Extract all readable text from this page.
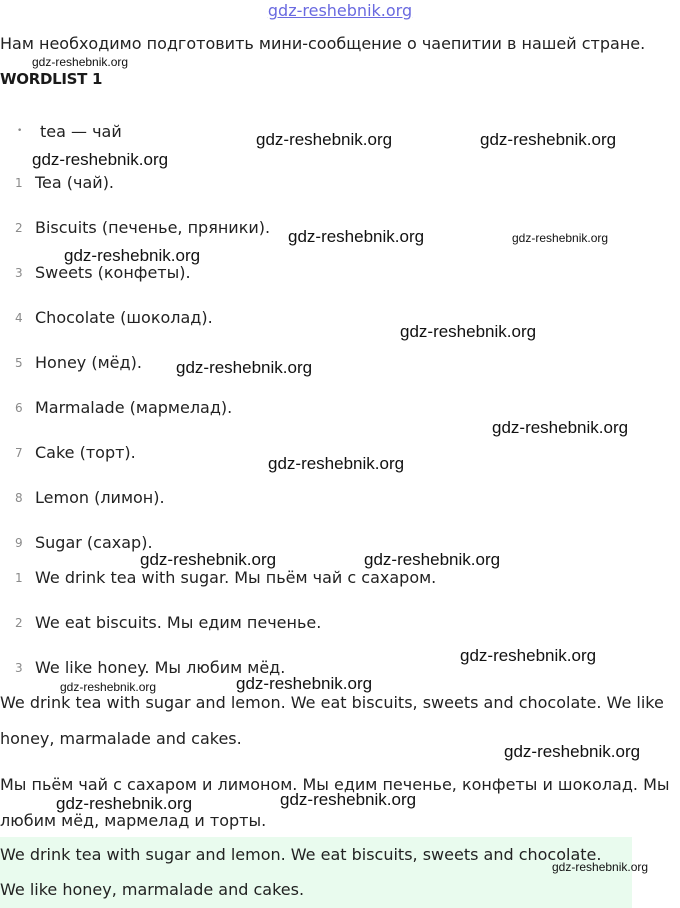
gdz-reshebnik.org
Нам необходимо подготовить мини-сообщение о чаепитии в нашей стране.
WORDLIST 1
• tea — чай
1 Tea (чай).
2 Biscuits (печенье, пряники).
3 Sweets (конфеты).
4 Chocolate (шоколад).
5 Honey (мёд).
6 Marmalade (мармелад).
7 Cake (торт).
8 Lemon (лимон).
9 Sugar (сахар).
1 We drink tea with sugar. Мы пьём чай с сахаром.
2 We eat biscuits. Мы едим печенье.
3 We like honey. Мы любим мёд.
We drink tea with sugar and lemon. We eat biscuits, sweets and chocolate. We like
honey, marmalade and cakes.
Мы пьём чай с сахаром и лимоном. Мы едим печенье, конфеты и шоколад. Мы
любим мёд, мармелад и торты.
We drink tea with sugar and lemon. We eat biscuits, sweets and chocolate.
We like honey, marmalade and cakes.
gdz-reshebnik.org
gdz-reshebnik.org	gdz-reshebnik.org
gdz-reshebnik.org
gdz-reshebnik.org	gdz-reshebnik.org
gdz-reshebnik.org
gdz-reshebnik.org
gdz-reshebnik.org
gdz-reshebnik.org
gdz-reshebnik.org
gdz-reshebnik.org	gdz-reshebnik.org
gdz-reshebnik.org
gdz-reshebnik.org	gdz-reshebnik.org
gdz-reshebnik.org
gdz-reshebnik.org	gdz-reshebnik.org
gdz-reshebnik.org
